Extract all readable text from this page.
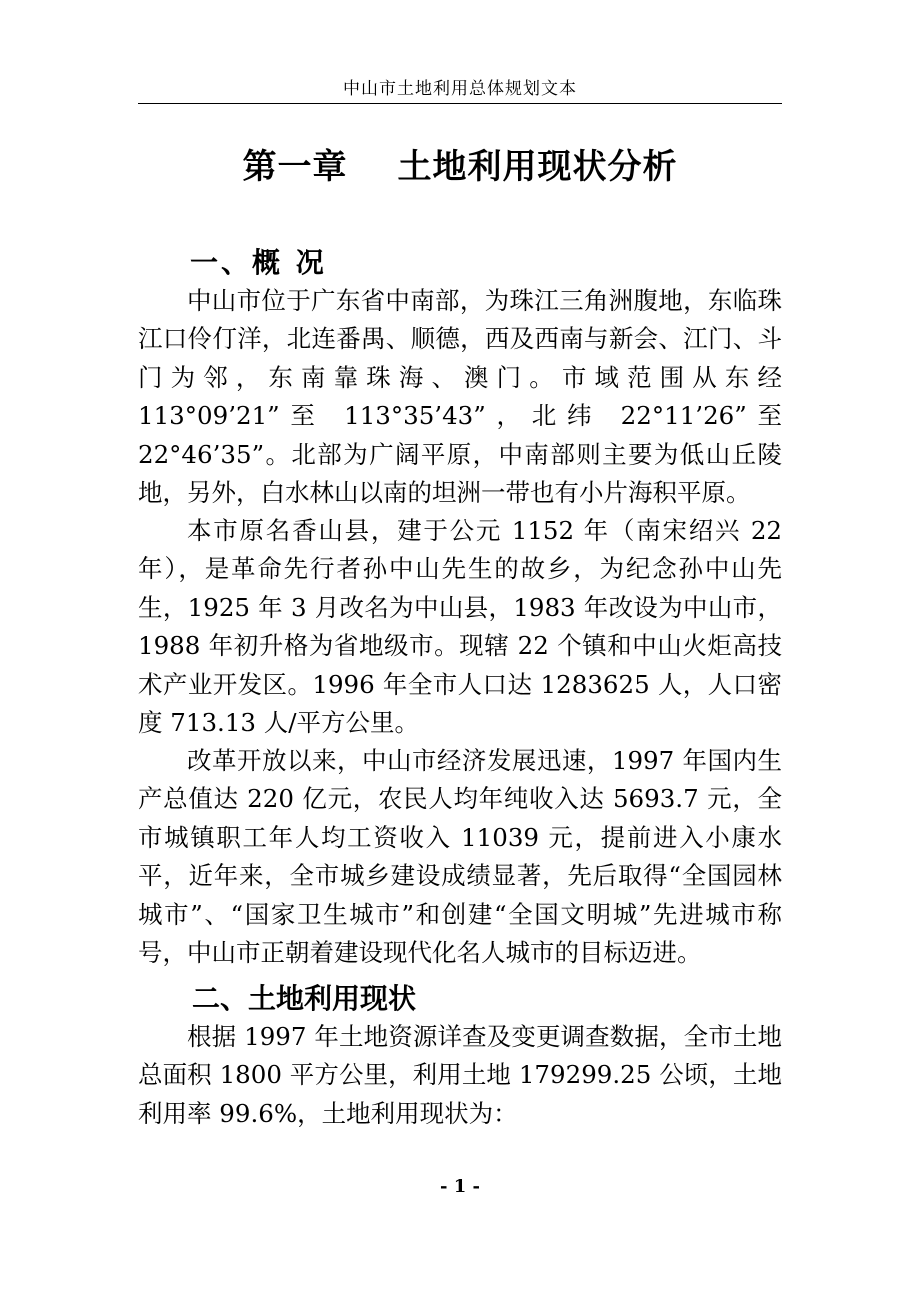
中山市土地利用总体规划文本
第一章 土地利用现状分析
一、概 况

中山市位于广东省中南部，为珠江三角洲腹地，东临珠江口伶仃洋，北连番禺、顺德，西及西南与新会、江门、斗门为邻，东南靠珠海、澳门。市域范围从东经 113°09’21”至 113°35’43”，北纬 22°11’26”至 22°46’35”。北部为广阔平原，中南部则主要为低山丘陵地，另外，白水林山以南的坦洲一带也有小片海积平原。

本市原名香山县，建于公元 1152 年（南宋绍兴 22 年），是革命先行者孙中山先生的故乡，为纪念孙中山先生，1925 年 3 月改名为中山县，1983 年改设为中山市，1988 年初升格为省地级市。现辖 22 个镇和中山火炬高技术产业开发区。1996 年全市人口达 1283625 人，人口密度 713.13 人/平方公里。

改革开放以来，中山市经济发展迅速，1997 年国内生产总值达 220 亿元，农民人均年纯收入达 5693.7 元，全市城镇职工年人均工资收入 11039 元，提前进入小康水平，近年来，全市城乡建设成绩显著，先后取得“全国园林城市”、“国家卫生城市”和创建“全国文明城”先进城市称号，中山市正朝着建设现代化名人城市的目标迈进。

二、土地利用现状

根据 1997 年土地资源详查及变更调查数据，全市土地总面积 1800 平方公里，利用土地 179299.25 公顷，土地利用率 99.6%，土地利用现状为：

- 1 -
